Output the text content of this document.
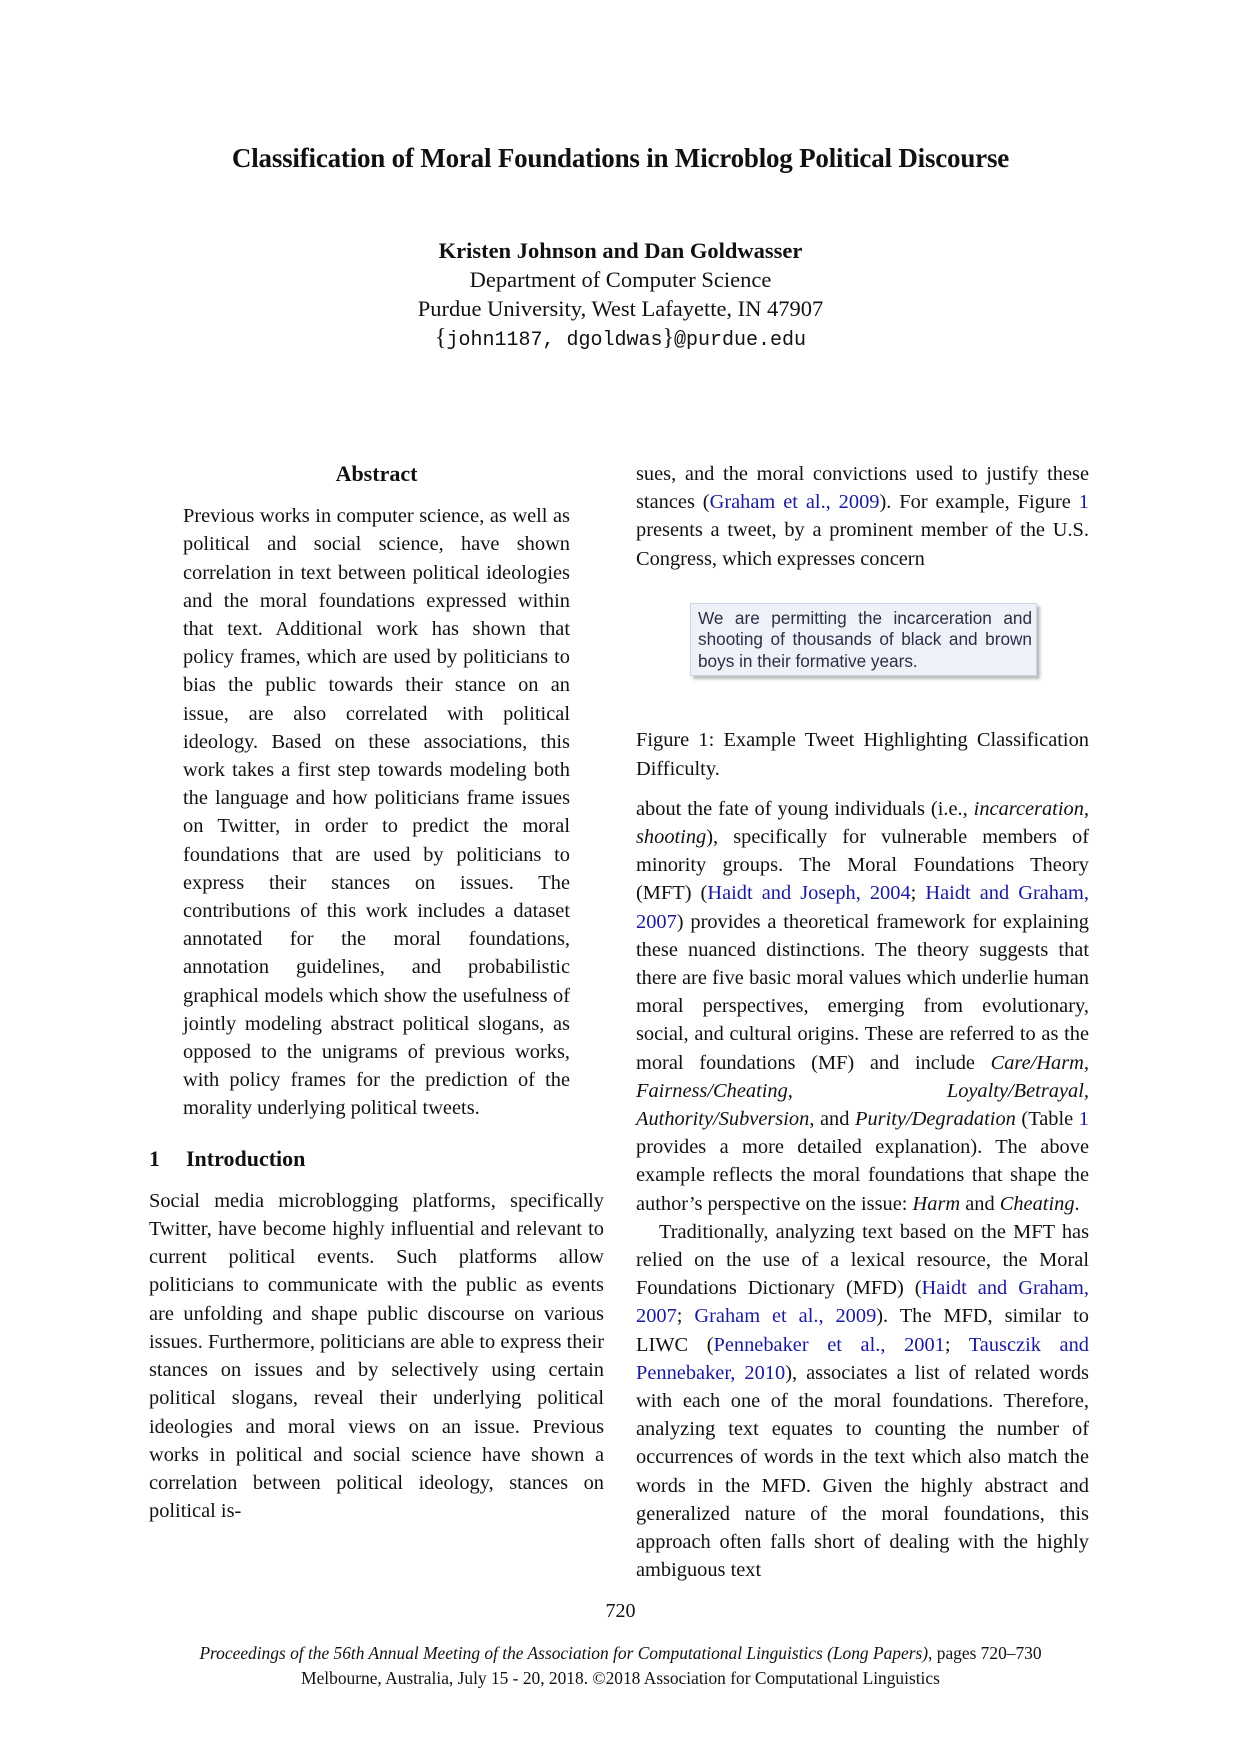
Classification of Moral Foundations in Microblog Political Discourse
Kristen Johnson and Dan Goldwasser
Department of Computer Science
Purdue University, West Lafayette, IN 47907
{john1187, dgoldwas}@purdue.edu
Abstract

Previous works in computer science, as well as political and social science, have shown correlation in text between political ideologies and the moral foundations expressed within that text. Additional work has shown that policy frames, which are used by politicians to bias the public towards their stance on an issue, are also correlated with political ideology. Based on these associations, this work takes a first step towards modeling both the language and how politicians frame issues on Twitter, in order to predict the moral foundations that are used by politicians to express their stances on issues. The contributions of this work includes a dataset annotated for the moral foundations, annotation guidelines, and probabilistic graphical models which show the usefulness of jointly modeling abstract political slogans, as opposed to the unigrams of previous works, with policy frames for the prediction of the morality underlying political tweets.

1 Introduction

Social media microblogging platforms, specifically Twitter, have become highly influential and relevant to current political events. Such platforms allow politicians to communicate with the public as events are unfolding and shape public discourse on various issues. Furthermore, politicians are able to express their stances on issues and by selectively using certain political slogans, reveal their underlying political ideologies and moral views on an issue. Previous works in political and social science have shown a correlation between political ideology, stances on political is-

sues, and the moral convictions used to justify these stances (Graham et al., 2009). For example, Figure 1 presents a tweet, by a prominent member of the U.S. Congress, which expresses concern

We are permitting the incarceration and shooting of thousands of black and brown boys in their formative years.

Figure 1: Example Tweet Highlighting Classification Difficulty.

about the fate of young individuals (i.e., incarceration, shooting), specifically for vulnerable members of minority groups. The Moral Foundations Theory (MFT) (Haidt and Joseph, 2004; Haidt and Graham, 2007) provides a theoretical framework for explaining these nuanced distinctions. The theory suggests that there are five basic moral values which underlie human moral perspectives, emerging from evolutionary, social, and cultural origins. These are referred to as the moral foundations (MF) and include Care/Harm, Fairness/Cheating, Loyalty/Betrayal, Authority/Subversion, and Purity/Degradation (Table 1 provides a more detailed explanation). The above example reflects the moral foundations that shape the author’s perspective on the issue: Harm and Cheating.

Traditionally, analyzing text based on the MFT has relied on the use of a lexical resource, the Moral Foundations Dictionary (MFD) (Haidt and Graham, 2007; Graham et al., 2009). The MFD, similar to LIWC (Pennebaker et al., 2001; Tausczik and Pennebaker, 2010), associates a list of related words with each one of the moral foundations. Therefore, analyzing text equates to counting the number of occurrences of words in the text which also match the words in the MFD. Given the highly abstract and generalized nature of the moral foundations, this approach often falls short of dealing with the highly ambiguous text

720
Proceedings of the 56th Annual Meeting of the Association for Computational Linguistics (Long Papers), pages 720–730
Melbourne, Australia, July 15 - 20, 2018. ©2018 Association for Computational Linguistics
